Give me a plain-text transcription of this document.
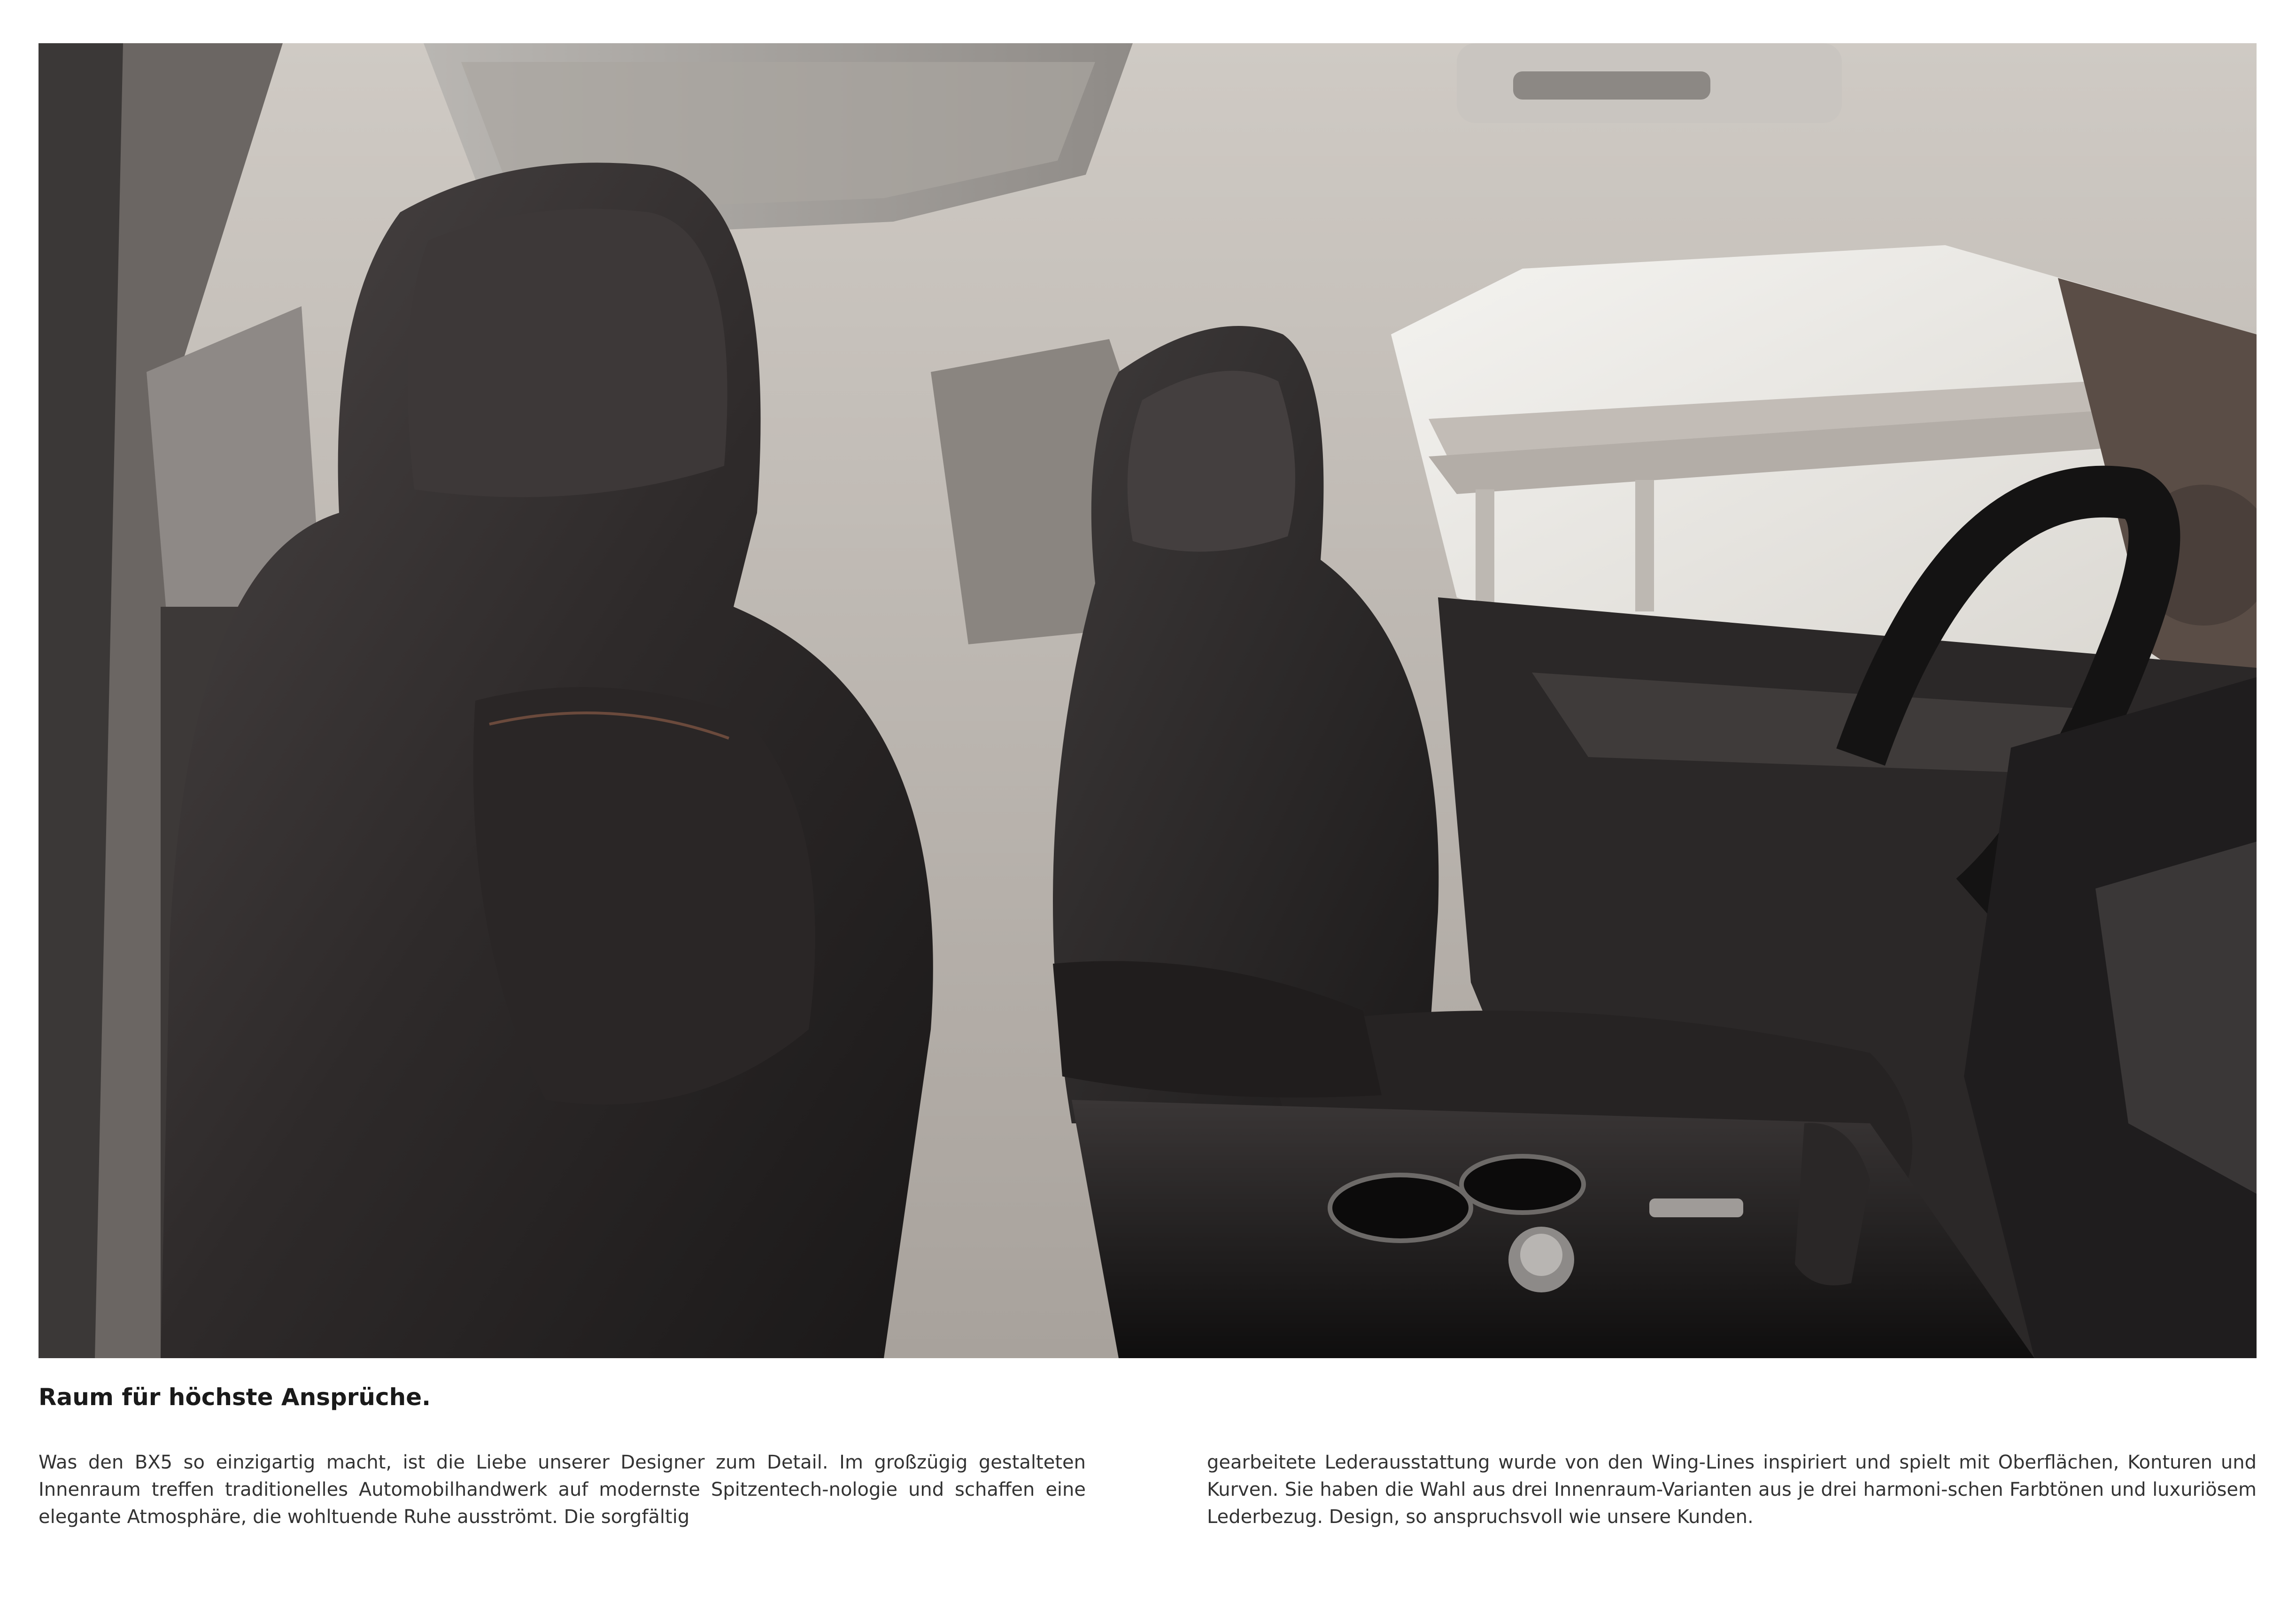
Raum für höchste Ansprüche.

Was den BX5 so einzigartig macht, ist die Liebe unserer Designer zum Detail. Im großzügig gestalteten Innenraum treffen traditionelles Automobilhandwerk auf modernste Spitzentech-nologie und schaffen eine elegante Atmosphäre, die wohltuende Ruhe ausströmt. Die sorgfältig

gearbeitete Lederausstattung wurde von den Wing-Lines inspiriert und spielt mit Oberflächen, Konturen und Kurven. Sie haben die Wahl aus drei Innenraum-Varianten aus je drei harmoni-schen Farbtönen und luxuriösem Lederbezug. Design, so anspruchsvoll wie unsere Kunden.
